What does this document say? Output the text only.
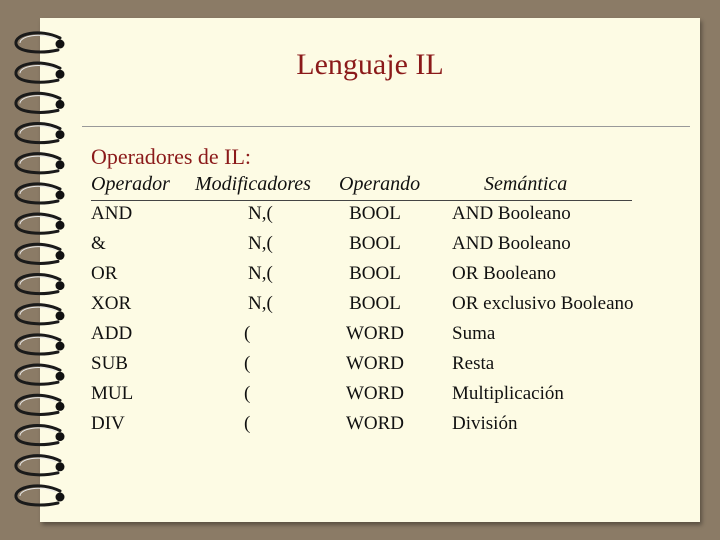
Lenguaje IL
Operadores de IL:
Operador Modificadores Operando	Semántica
AND	N,(	BOOL	AND Booleano
&	N,(	BOOL	AND Booleano
OR	N,(	BOOL	OR Booleano
XOR	N,(	BOOL	OR exclusivo Booleano
ADD	(	WORD	Suma
SUB	(	WORD	Resta
MUL	(	WORD	Multiplicación
DIV	(	WORD	División
